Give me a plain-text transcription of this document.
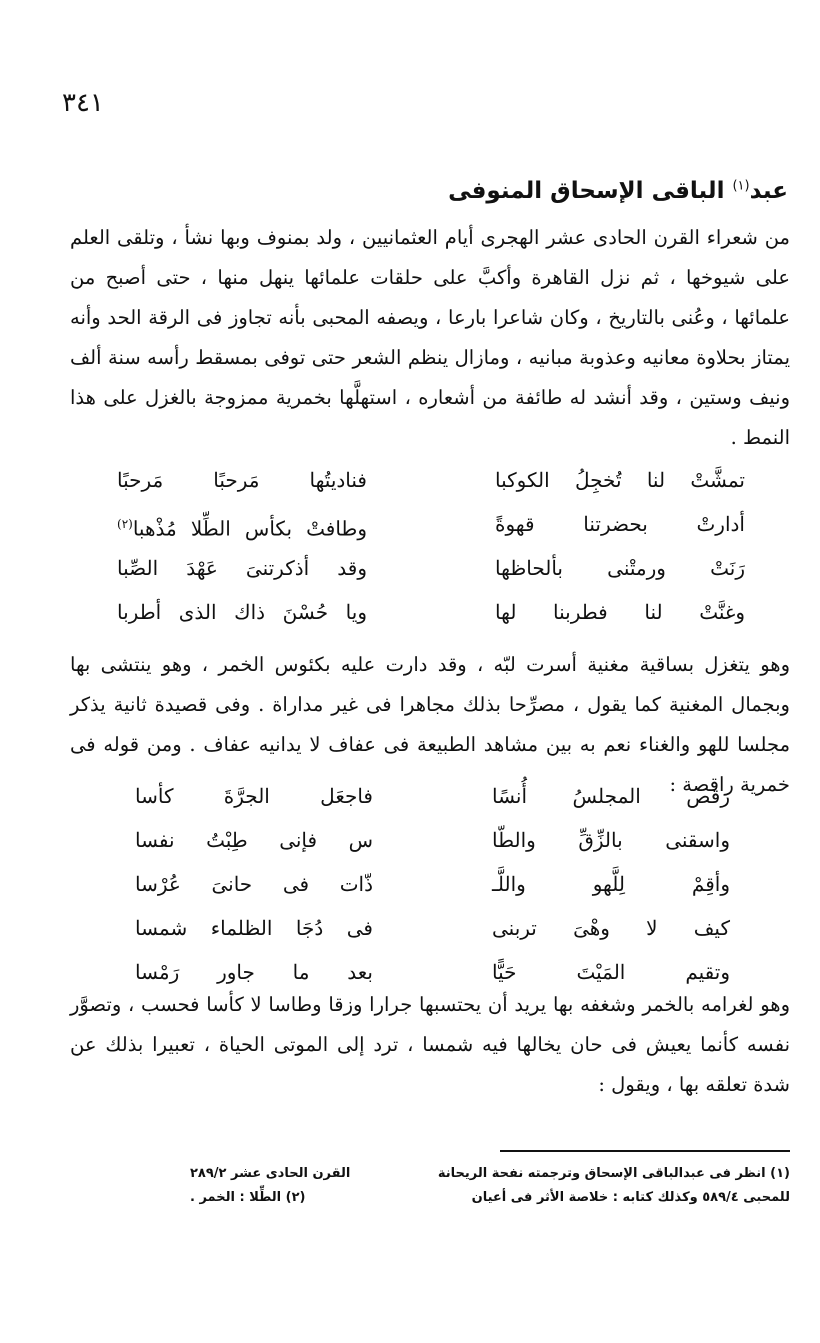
٣٤١
عبد$^{(١)}$ الباقى الإسحاق المنوفى
من شعراء القرن الحادى عشر الهجرى أيام العثمانيين ، ولد بمنوف وبها نشأ ، وتلقى العلم على شيوخها ، ثم نزل القاهرة وأكبَّ على حلقات علمائها ينهل منها ، حتى أصبح من علمائها ، وعُنى بالتاريخ ، وكان شاعرا بارعا ، ويصفه المحبى بأنه تجاوز فى الرقة الحد وأنه يمتاز بحلاوة معانيه وعذوبة مبانيه ، ومازال ينظم الشعر حتى توفى بمسقط رأسه سنة ألف ونيف وستين ، وقد أنشد له طائفة من أشعاره ، استهلَّها بخمرية ممزوجة بالغزل على هذا النمط .
تمشَّتْ لنا تُخجِلُ الكوكبا
فناديتُها مَرحبًا مَرحبًا
أدارتْ بحضرتنا قهوةً
وطافتْ بكأس الطِّلا مُذْهبا$^{(٢)}$
رَنَتْ ورمتْنى بألحاظها
وقد أذكرتنىَ عَهْدَ الصِّبا
وغنَّتْ لنا فطربنا لها
ويا حُسْنَ ذاك الذى أطربا
وهو يتغزل بساقية مغنية أسرت لبّه ، وقد دارت عليه بكئوس الخمر ، وهو ينتشى بها وبجمال المغنية كما يقول ، مصرِّحا بذلك مجاهرا فى غير مداراة . وفى قصيدة ثانية يذكر مجلسا للهو والغناء نعم به بين مشاهد الطبيعة فى عفاف لا يدانيه عفاف . ومن قوله فى خمرية راقصة :
رقص المجلسُ أُنسًا
فاجعَل الجرَّةَ كأسا
واسقنى بالزِّقِّ والطّا
س فإنى طِبْتُ نفسا
وأقِمْ لِلَّهو واللَّـ
ذّات فى حانىَ عُرْسا
كيف لا وهْىَ تربنى
فى دُجَا الظلماء شمسا
وتقيم المَيْتَ حَيًّا
بعد ما جاور رَمْسا
وهو لغرامه بالخمر وشغفه بها يريد أن يحتسبها جرارا وزقا وطاسا لا كأسا فحسب ، وتصوَّر نفسه كأنما يعيش فى حان يخالها فيه شمسا ، ترد إلى الموتى الحياة ، تعبيرا بذلك عن شدة تعلقه بها ، ويقول :
(١) انظر فى عبدالباقى الإسحاق وترجمته نفحة الريحانة
القرن الحادى عشر ٢٨٩/٢
للمحبى ٥٨٩/٤ وكذلك كتابه : خلاصة الأثر فى أعيان
(٢) الطِّلا : الخمر .
